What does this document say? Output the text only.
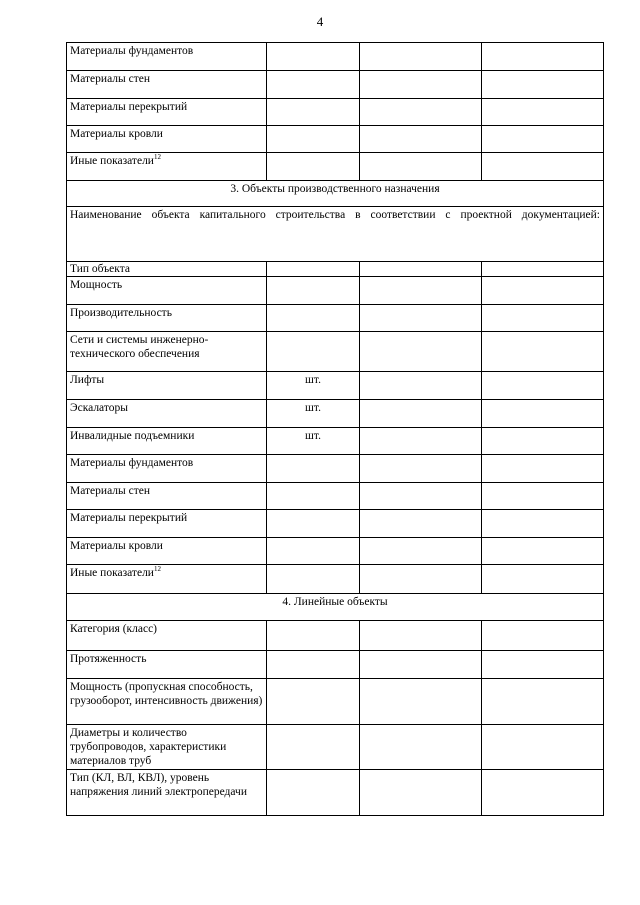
4
Материалы фундаментов			
Материалы стен			
Материалы перекрытий			
Материалы кровли			
Иные показатели$^{12}$			
3. Объекты производственного назначения			
Наименование объекта капитального строительства в соответствии с проектной документацией:			
Тип объекта			
Мощность			
Производительность			
Сети и системы инженерно-технического обеспечения			
Лифты	шт.		
Эскалаторы	шт.		
Инвалидные подъемники	шт.		
Материалы фундаментов			
Материалы стен			
Материалы перекрытий			
Материалы кровли			
Иные показатели$^{12}$			
4. Линейные объекты			
Категория (класс)			
Протяженность			
Мощность (пропускная способность, грузооборот, интенсивность движения)			
Диаметры и количество трубопроводов, характеристики материалов труб			
Тип (КЛ, ВЛ, КВЛ), уровень напряжения линий электропередачи			
